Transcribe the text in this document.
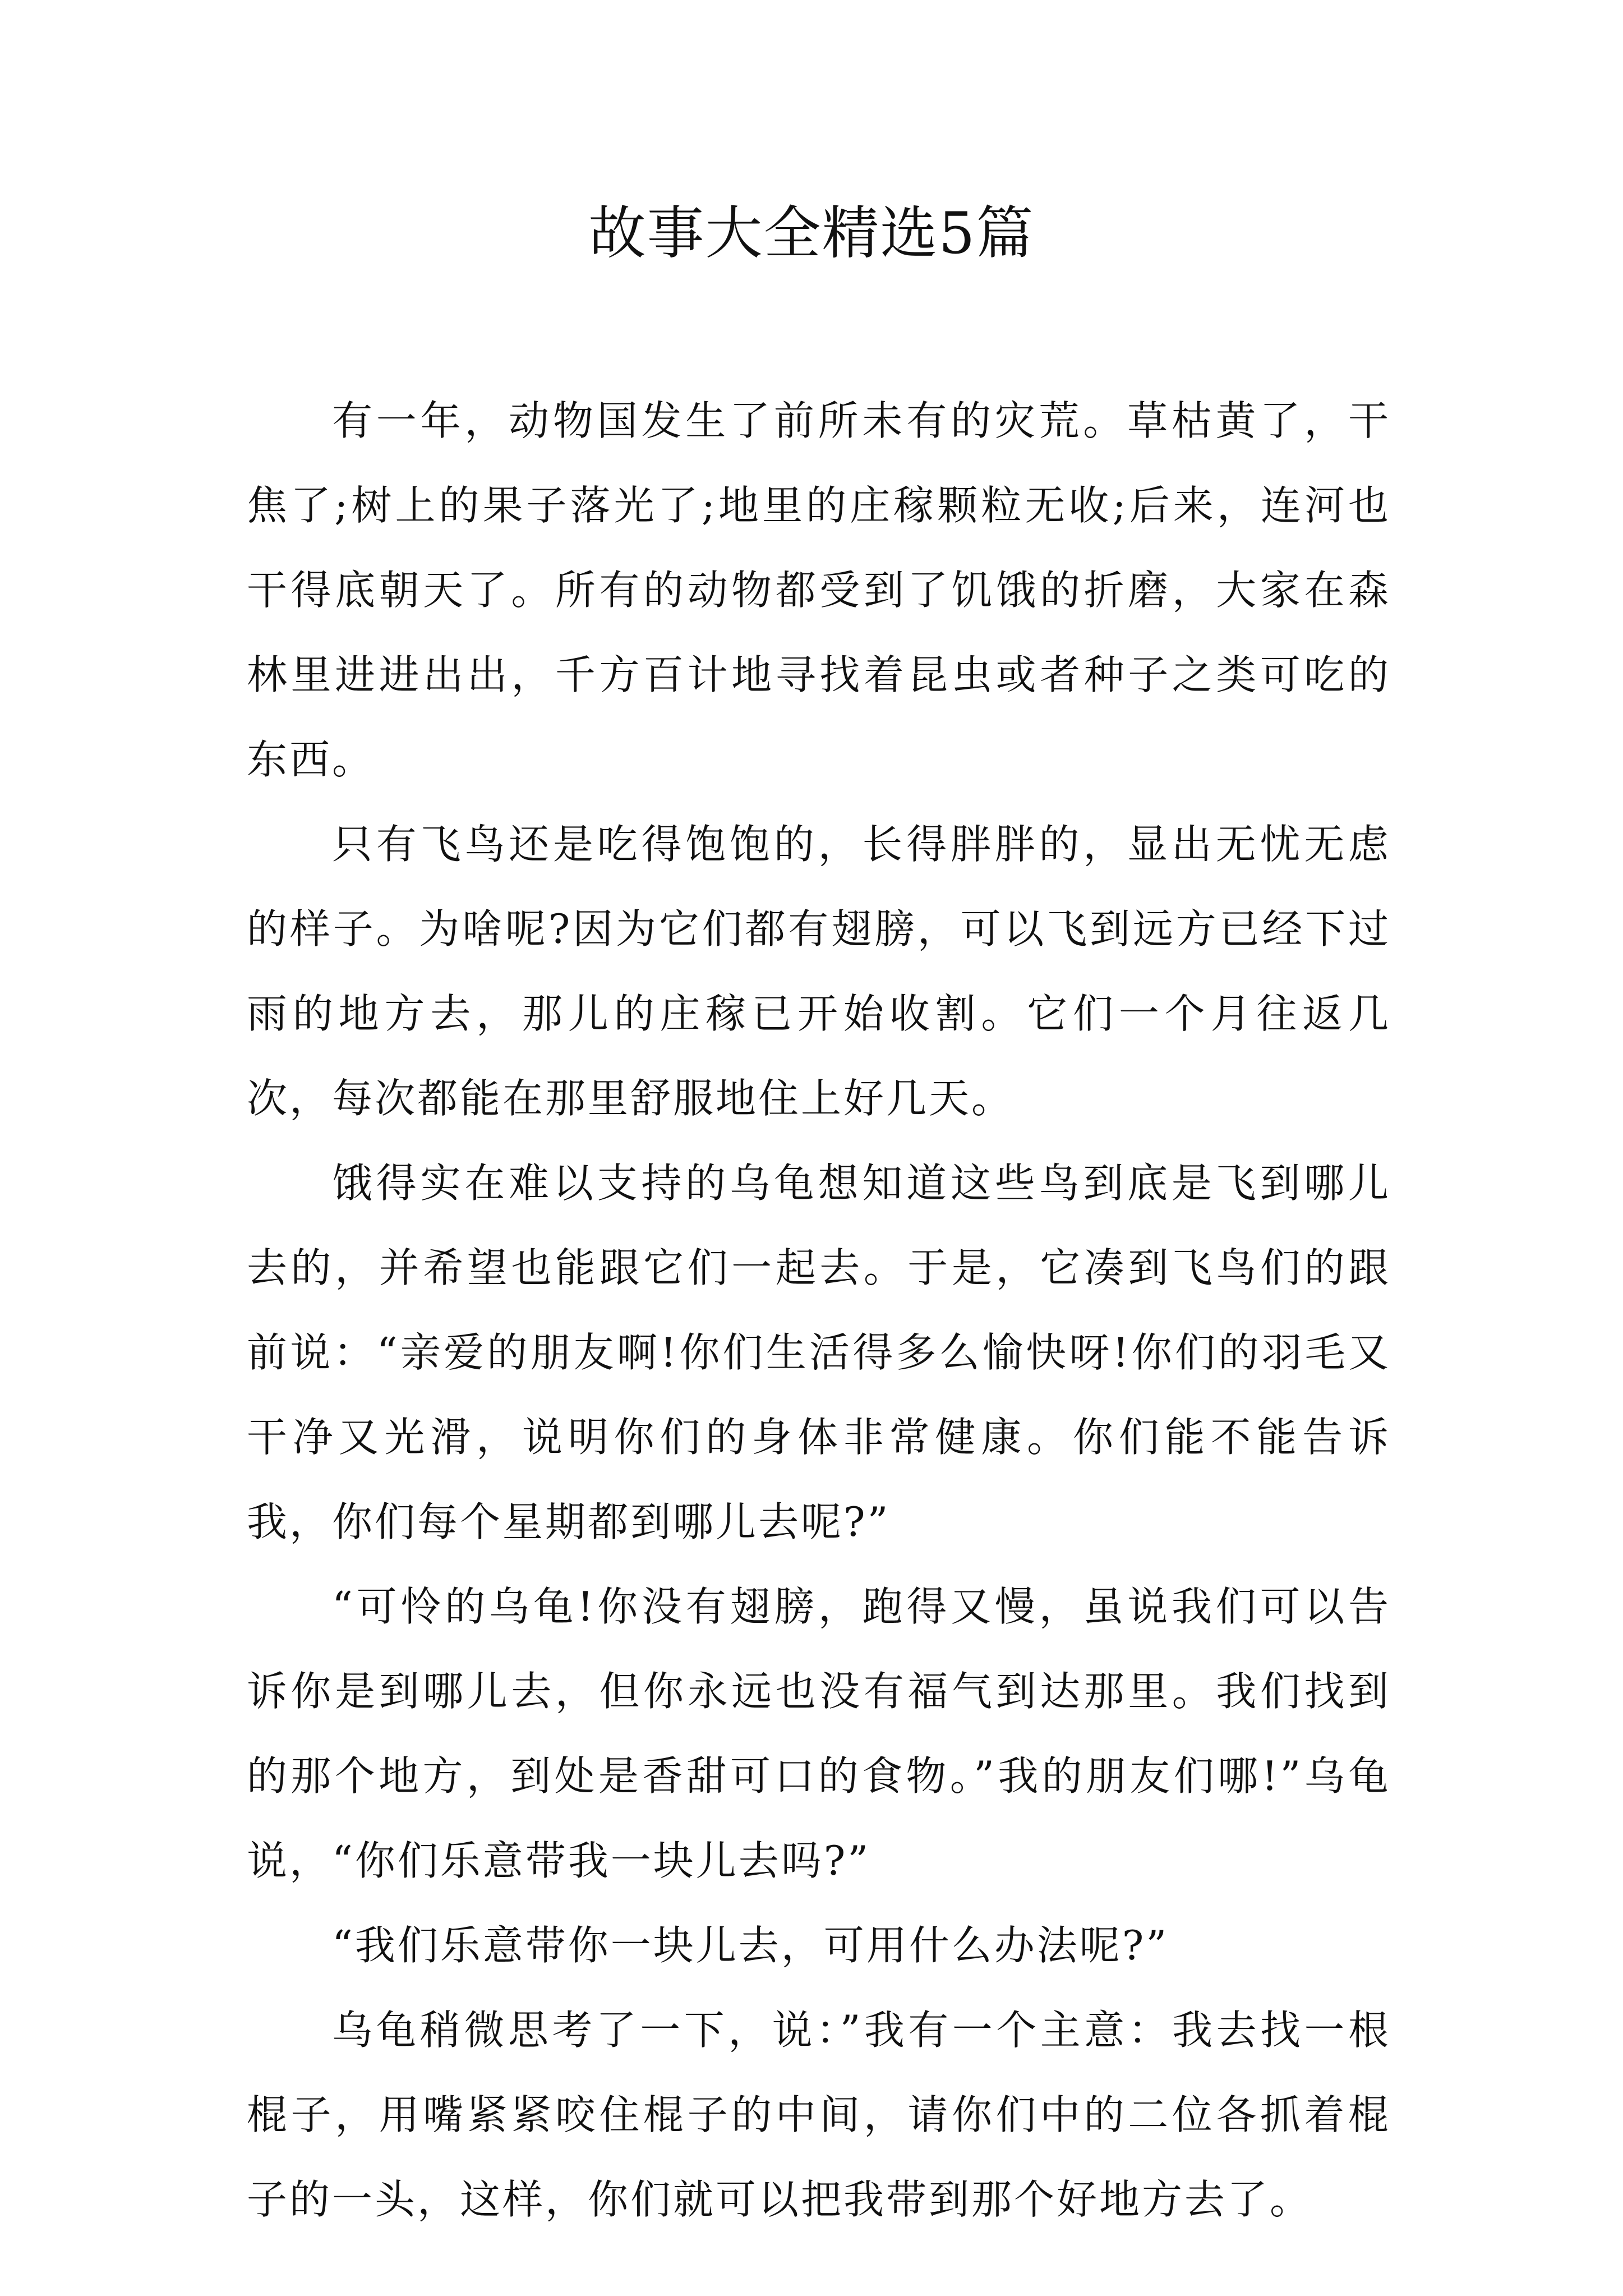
故事大全精选5篇

有一年，动物国发生了前所未有的灾荒。草枯黄了，干焦了;树上的果子落光了;地里的庄稼颗粒无收;后来，连河也干得底朝天了。所有的动物都受到了饥饿的折磨，大家在森林里进进出出，千方百计地寻找着昆虫或者种子之类可吃的东西。

只有飞鸟还是吃得饱饱的，长得胖胖的，显出无忧无虑的样子。为啥呢?因为它们都有翅膀，可以飞到远方已经下过雨的地方去，那儿的庄稼已开始收割。它们一个月往返几次，每次都能在那里舒服地住上好几天。

饿得实在难以支持的乌龟想知道这些鸟到底是飞到哪儿去的，并希望也能跟它们一起去。于是，它凑到飞鸟们的跟前说：“亲爱的朋友啊!你们生活得多么愉快呀!你们的羽毛又干净又光滑，说明你们的身体非常健康。你们能不能告诉我，你们每个星期都到哪儿去呢?”

“可怜的乌龟!你没有翅膀，跑得又慢，虽说我们可以告诉你是到哪儿去，但你永远也没有福气到达那里。我们找到的那个地方，到处是香甜可口的食物。”我的朋友们哪!”乌龟说，“你们乐意带我一块儿去吗?”

“我们乐意带你一块儿去，可用什么办法呢?”

乌龟稍微思考了一下，说：”我有一个主意：我去找一根棍子，用嘴紧紧咬住棍子的中间，请你们中的二位各抓着棍子的一头，这样，你们就可以把我带到那个好地方去了。
